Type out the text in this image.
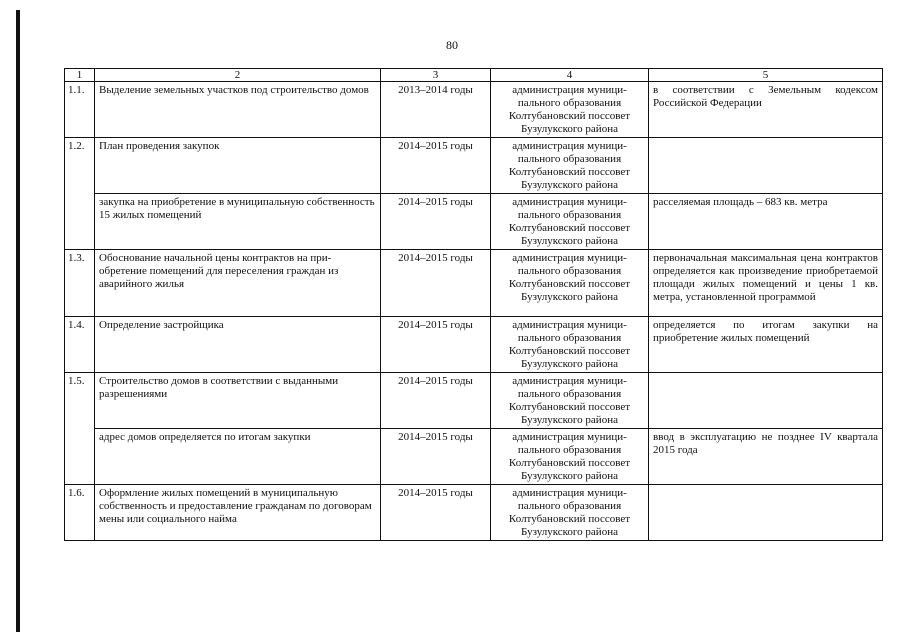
80
1	2	3	4	5
1.1.	Выделение земельных участков под строительство домов	2013–2014 годы	администрация муници-пального образования Колтубановский поссовет Бузулукского района	в соответствии с Земельным кодексом Российской Федерации
1.2.	План проведения закупок	2014–2015 годы	администрация муници-пального образования Колтубановский поссовет Бузулукского района	
	закупка на приобретение в муниципальную собственность 15 жилых помещений	2014–2015 годы	администрация муници-пального образования Колтубановский поссовет Бузулукского района	расселяемая площадь – 683 кв. метра
1.3.	Обоснование начальной цены контрактов на при-обретение помещений для переселения граждан из аварийного жилья	2014–2015 годы	администрация муници-пального образования Колтубановский поссовет Бузулукского района	первоначальная максимальная цена контрактов определяется как произведение приобретаемой площади жилых помещений и цены 1 кв. метра, установленной программой
1.4.	Определение застройщика	2014–2015 годы	администрация муници-пального образования Колтубановский поссовет Бузулукского района	определяется по итогам закупки на приобретение жилых помещений
1.5.	Строительство домов в соответствии с выданными разрешениями	2014–2015 годы	администрация муници-пального образования Колтубановский поссовет Бузулукского района	
	адрес домов определяется по итогам закупки	2014–2015 годы	администрация муници-пального образования Колтубановский поссовет Бузулукского района	ввод в эксплуатацию не позднее IV квартала 2015 года
1.6.	Оформление жилых помещений в муниципальную собственность и предоставление гражданам по договорам мены или социального найма	2014–2015 годы	администрация муници-пального образования Колтубановский поссовет Бузулукского района	
